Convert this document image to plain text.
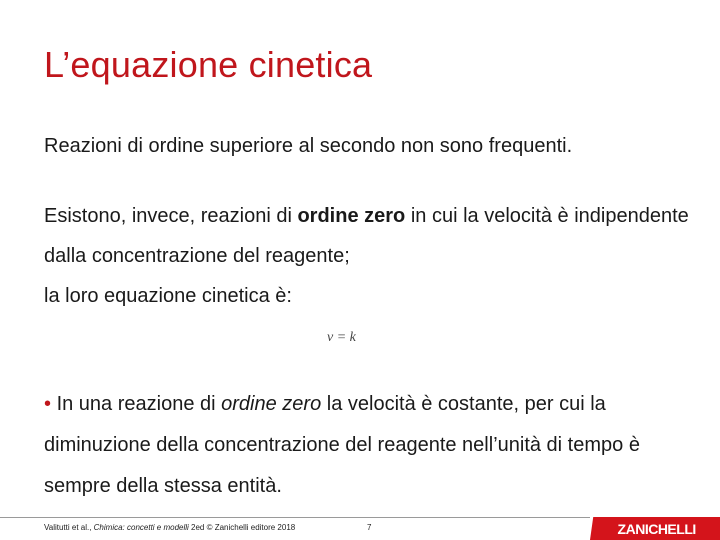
L’equazione cinetica
Reazioni di ordine superiore al secondo non sono frequenti.
Esistono, invece, reazioni di ordine zero in cui la velocità è indipendente dalla concentrazione del reagente;
la loro equazione cinetica è:
v = k
• In una reazione di ordine zero la velocità è costante, per cui la diminuzione della concentrazione del reagente nell’unità di tempo è sempre della stessa entità.
Valitutti et al., Chimica: concetti e modelli 2ed © Zanichelli editore 2018	7	ZANICHELLI
